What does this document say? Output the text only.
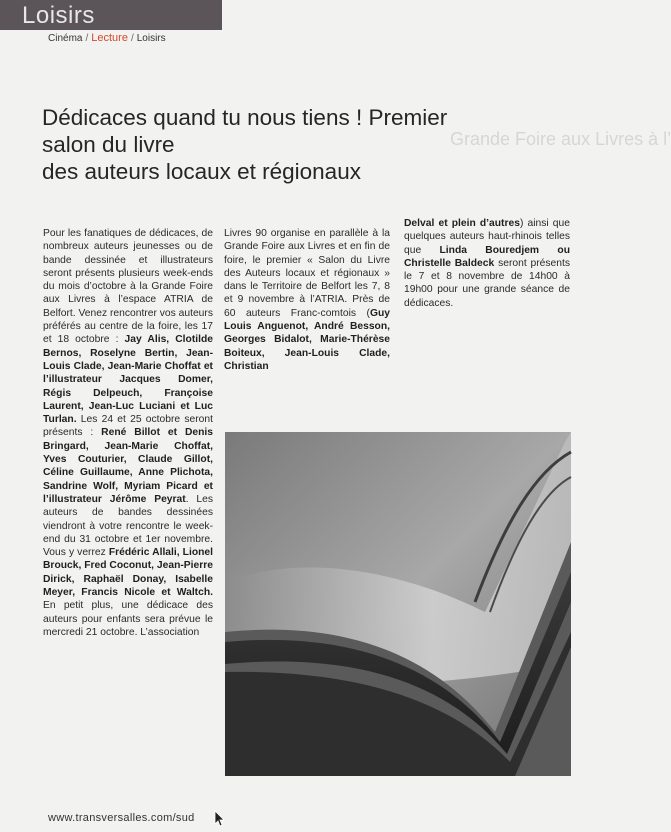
Loisirs
Cinéma / Lecture / Loisirs
Grande Foire aux Livres à l’
Dédicaces quand tu nous tiens ! Premier
salon du livre
des auteurs locaux et régionaux
Pour les fanatiques de dédicaces, de nombreux auteurs jeunesses ou de bande dessinée et illustrateurs seront présents plusieurs week-ends du mois d’octobre à la Grande Foire aux Livres à l’espace ATRIA de Belfort. Venez rencontrer vos auteurs préférés au centre de la foire, les 17 et 18 octobre : Jay Alis, Clotilde Bernos, Roselyne Bertin, Jean-Louis Clade, Jean-Marie Choffat et l’illustrateur Jacques Domer, Régis Delpeuch, Françoise Laurent, Jean-Luc Luciani et Luc Turlan. Les 24 et 25 octobre seront présents : René Billot et Denis Bringard, Jean-Marie Choffat, Yves Couturier, Claude Gillot, Céline Guillaume, Anne Plichota, Sandrine Wolf, Myriam Picard et l’illustrateur Jérôme Peyrat. Les auteurs de bandes dessinées viendront à votre rencontre le week-end du 31 octobre et 1er novembre. Vous y verrez Frédéric Allali, Lionel Brouck, Fred Coconut, Jean-Pierre Dirick, Raphaël Donay, Isabelle Meyer, Francis Nicole et Waltch. En petit plus, une dédicace des auteurs pour enfants sera prévue le mercredi 21 octobre. L’association
Livres 90 organise en parallèle à la Grande Foire aux Livres et en fin de foire, le premier « Salon du Livre des Auteurs locaux et régionaux » dans le Territoire de Belfort les 7, 8 et 9 novembre à l’ATRIA. Près de 60 auteurs Franc-comtois (Guy Louis Anguenot, André Besson, Georges Bidalot, Marie-Thérèse Boiteux, Jean-Louis Clade, Christian
Delval et plein d’autres) ainsi que quelques auteurs haut-rhinois telles que Linda Bouredjem ou Christelle Baldeck seront présents le 7 et 8 novembre de 14h00 à 19h00 pour une grande séance de dédicaces.
www.transversalles.com/sud
